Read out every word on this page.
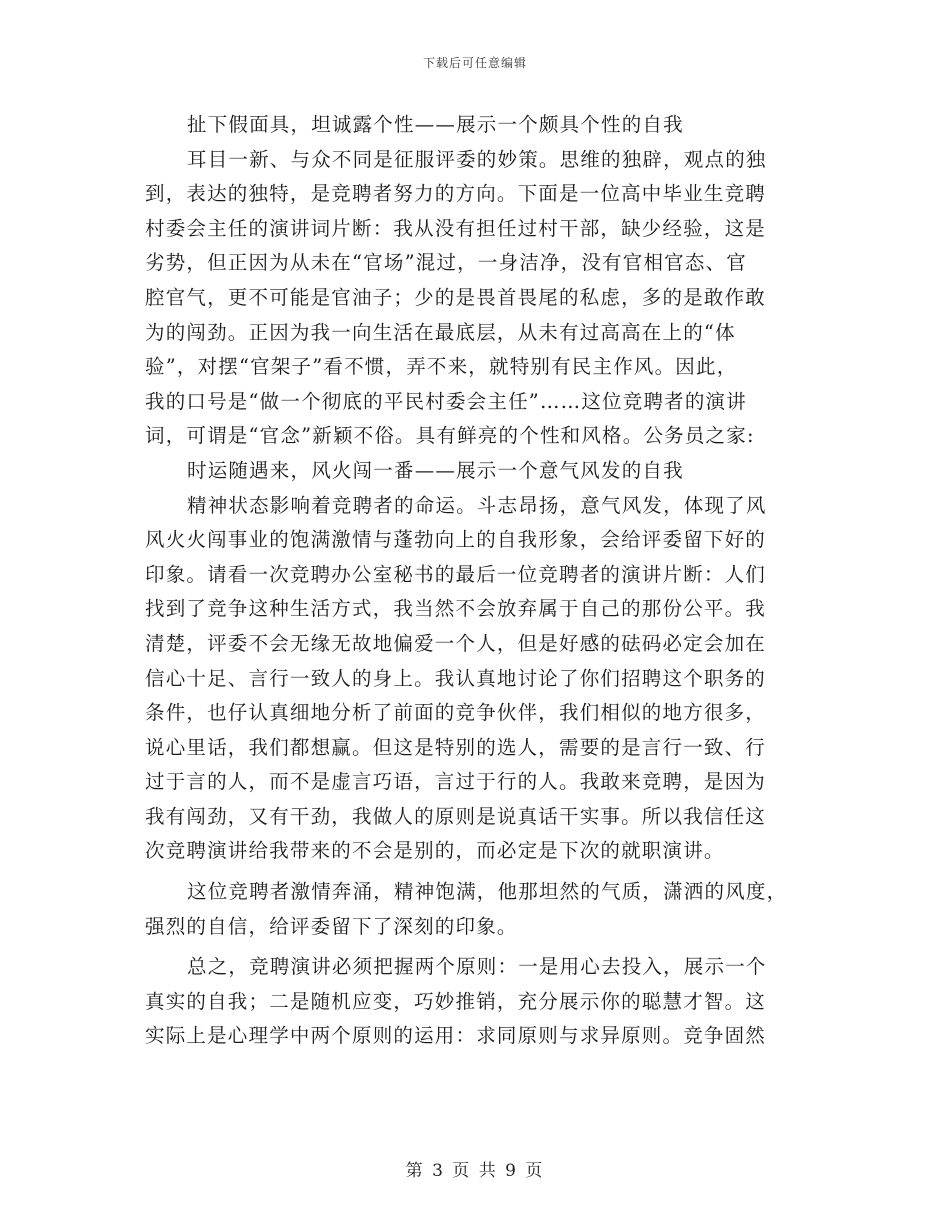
下载后可任意编辑
扯下假面具，坦诚露个性——展示一个颇具个性的自我
耳目一新、与众不同是征服评委的妙策。思维的独辟，观点的独
到，表达的独特，是竞聘者努力的方向。下面是一位高中毕业生竞聘
村委会主任的演讲词片断：我从没有担任过村干部，缺少经验，这是
劣势，但正因为从未在“官场”混过，一身洁净，没有官相官态、官
腔官气，更不可能是官油子；少的是畏首畏尾的私虑，多的是敢作敢
为的闯劲。正因为我一向生活在最底层，从未有过高高在上的“体
验”，对摆“官架子”看不惯，弄不来，就特别有民主作风。因此，
我的口号是“做一个彻底的平民村委会主任”……这位竞聘者的演讲
词，可谓是“官念”新颖不俗。具有鲜亮的个性和风格。公务员之家:
时运随遇来，风火闯一番——展示一个意气风发的自我
精神状态影响着竞聘者的命运。斗志昂扬，意气风发，体现了风
风火火闯事业的饱满激情与蓬勃向上的自我形象，会给评委留下好的
印象。请看一次竞聘办公室秘书的最后一位竞聘者的演讲片断：人们
找到了竞争这种生活方式，我当然不会放弃属于自己的那份公平。我
清楚，评委不会无缘无故地偏爱一个人，但是好感的砝码必定会加在
信心十足、言行一致人的身上。我认真地讨论了你们招聘这个职务的
条件，也仔认真细地分析了前面的竞争伙伴，我们相似的地方很多，
说心里话，我们都想赢。但这是特别的选人，需要的是言行一致、行
过于言的人，而不是虚言巧语，言过于行的人。我敢来竞聘，是因为
我有闯劲，又有干劲，我做人的原则是说真话干实事。所以我信任这
次竞聘演讲给我带来的不会是别的，而必定是下次的就职演讲。
这位竞聘者激情奔涌，精神饱满，他那坦然的气质，潇洒的风度，
强烈的自信，给评委留下了深刻的印象。
总之，竞聘演讲必须把握两个原则：一是用心去投入，展示一个
真实的自我；二是随机应变，巧妙推销，充分展示你的聪慧才智。这
实际上是心理学中两个原则的运用：求同原则与求异原则。竞争固然
第 3 页 共 9 页
